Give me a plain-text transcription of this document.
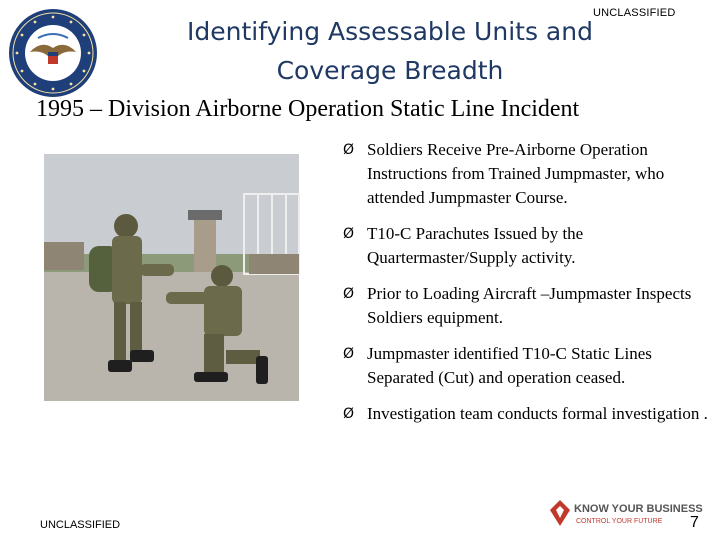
UNCLASSIFIED
Identifying Assessable Units and
Coverage Breadth
1995 – Division Airborne Operation Static Line Incident
Ø Soldiers Receive Pre-Airborne Operation Instructions from Trained Jumpmaster, who attended Jumpmaster Course.
Ø T10-C Parachutes Issued by the Quartermaster/Supply activity.
Ø Prior to Loading Aircraft –Jumpmaster Inspects Soldiers equipment.
Ø Jumpmaster identified T10-C Static Lines Separated (Cut) and operation ceased.
Ø Investigation team conducts formal investigation .
KNOW YOUR BUSINESS
CONTROL YOUR FUTURE 7
UNCLASSIFIED
